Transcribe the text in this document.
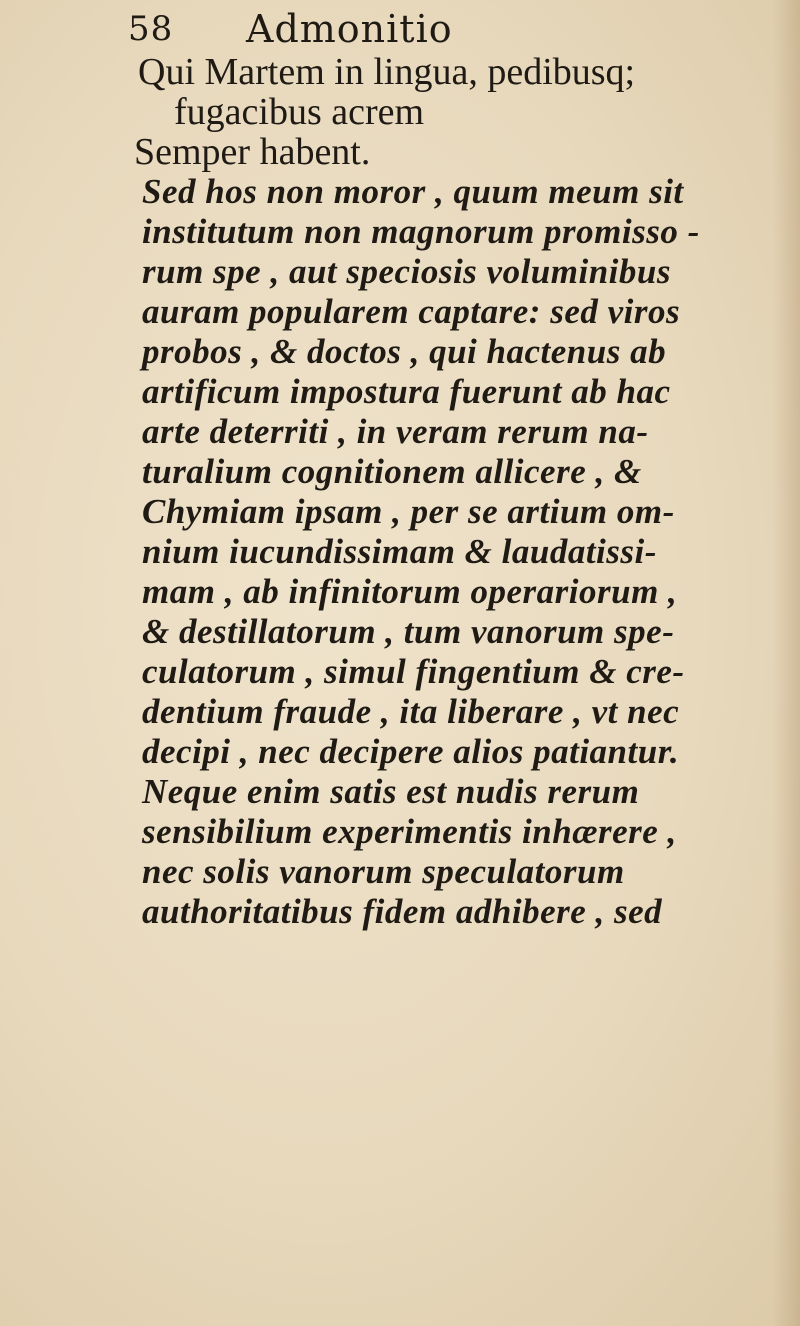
58 Admonitio
Qui Martem in lingua, pedibusq;
fugacibus acrem
Semper habent.
Sed hos non moror , quum meum sit
institutum non magnorum promisso -
rum spe , aut speciosis voluminibus
auram popularem captare: sed viros
probos , & doctos , qui hactenus ab
artificum impostura fuerunt ab hac
arte deterriti , in veram rerum na-
turalium cognitionem allicere , &
Chymiam ipsam , per se artium om-
nium iucundissimam & laudatissi-
mam , ab infinitorum operariorum ,
& destillatorum , tum vanorum spe-
culatorum , simul fingentium & cre-
dentium fraude , ita liberare , vt nec
decipi , nec decipere alios patiantur.
Neque enim satis est nudis rerum
sensibilium experimentis inhærere ,
nec solis vanorum speculatorum
authoritatibus fidem adhibere , sed
